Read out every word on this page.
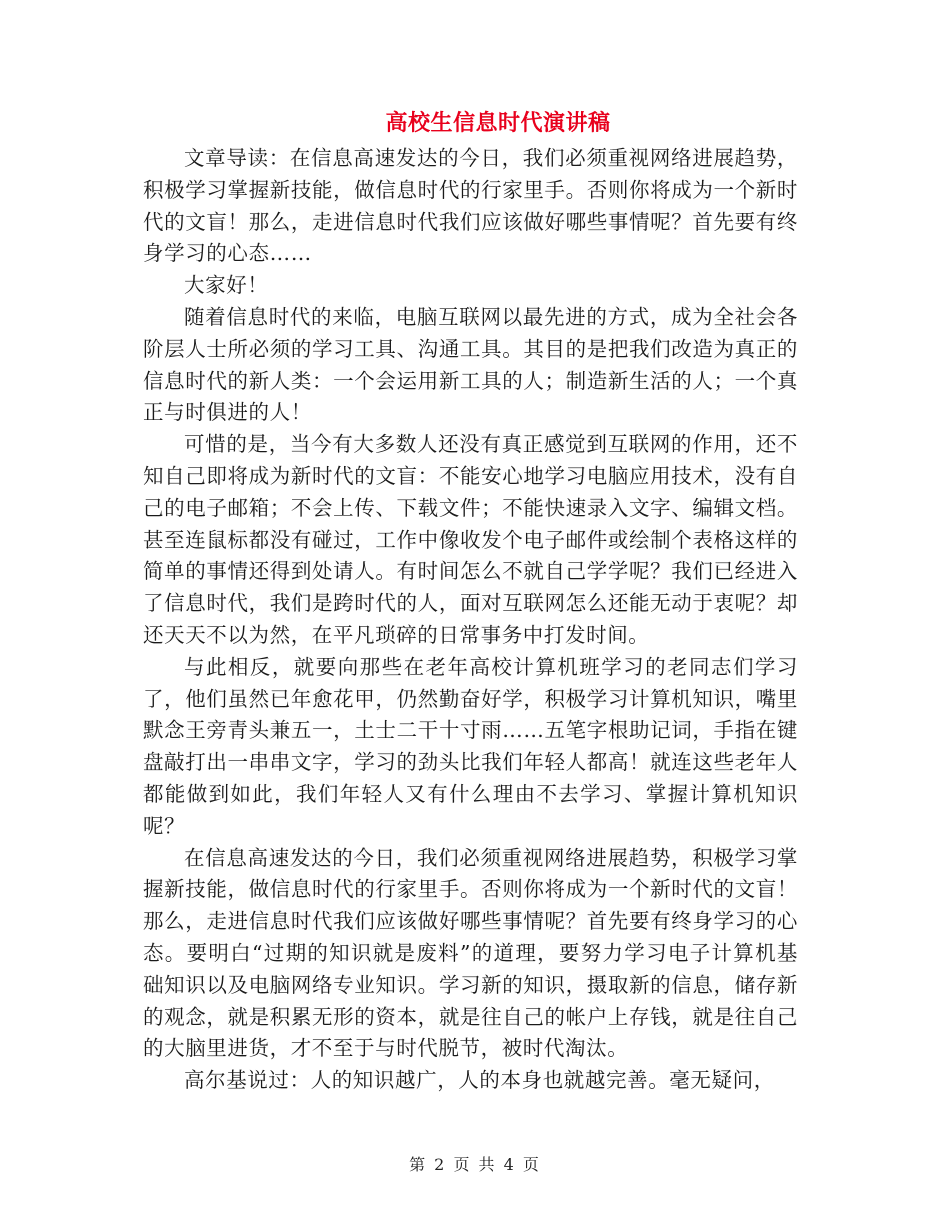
高校生信息时代演讲稿

文章导读：在信息高速发达的今日，我们必须重视网络进展趋势，积极学习掌握新技能，做信息时代的行家里手。否则你将成为一个新时代的文盲！那么，走进信息时代我们应该做好哪些事情呢？首先要有终身学习的心态……

大家好！

随着信息时代的来临，电脑互联网以最先进的方式，成为全社会各阶层人士所必须的学习工具、沟通工具。其目的是把我们改造为真正的信息时代的新人类：一个会运用新工具的人；制造新生活的人；一个真正与时俱进的人！

可惜的是，当今有大多数人还没有真正感觉到互联网的作用，还不知自己即将成为新时代的文盲：不能安心地学习电脑应用技术，没有自己的电子邮箱；不会上传、下载文件；不能快速录入文字、编辑文档。甚至连鼠标都没有碰过，工作中像收发个电子邮件或绘制个表格这样的简单的事情还得到处请人。有时间怎么不就自己学学呢？我们已经进入了信息时代，我们是跨时代的人，面对互联网怎么还能无动于衷呢？却还天天不以为然，在平凡琐碎的日常事务中打发时间。

与此相反，就要向那些在老年高校计算机班学习的老同志们学习了，他们虽然已年愈花甲，仍然勤奋好学，积极学习计算机知识，嘴里默念王旁青头兼五一，土士二干十寸雨……五笔字根助记词，手指在键盘敲打出一串串文字，学习的劲头比我们年轻人都高！就连这些老年人都能做到如此，我们年轻人又有什么理由不去学习、掌握计算机知识呢？

在信息高速发达的今日，我们必须重视网络进展趋势，积极学习掌握新技能，做信息时代的行家里手。否则你将成为一个新时代的文盲！那么，走进信息时代我们应该做好哪些事情呢？首先要有终身学习的心态。要明白“过期的知识就是废料”的道理，要努力学习电子计算机基础知识以及电脑网络专业知识。学习新的知识，摄取新的信息，储存新的观念，就是积累无形的资本，就是往自己的帐户上存钱，就是往自己的大脑里进货，才不至于与时代脱节，被时代淘汰。

高尔基说过：人的知识越广，人的本身也就越完善。毫无疑问，

第 2 页 共 4 页
